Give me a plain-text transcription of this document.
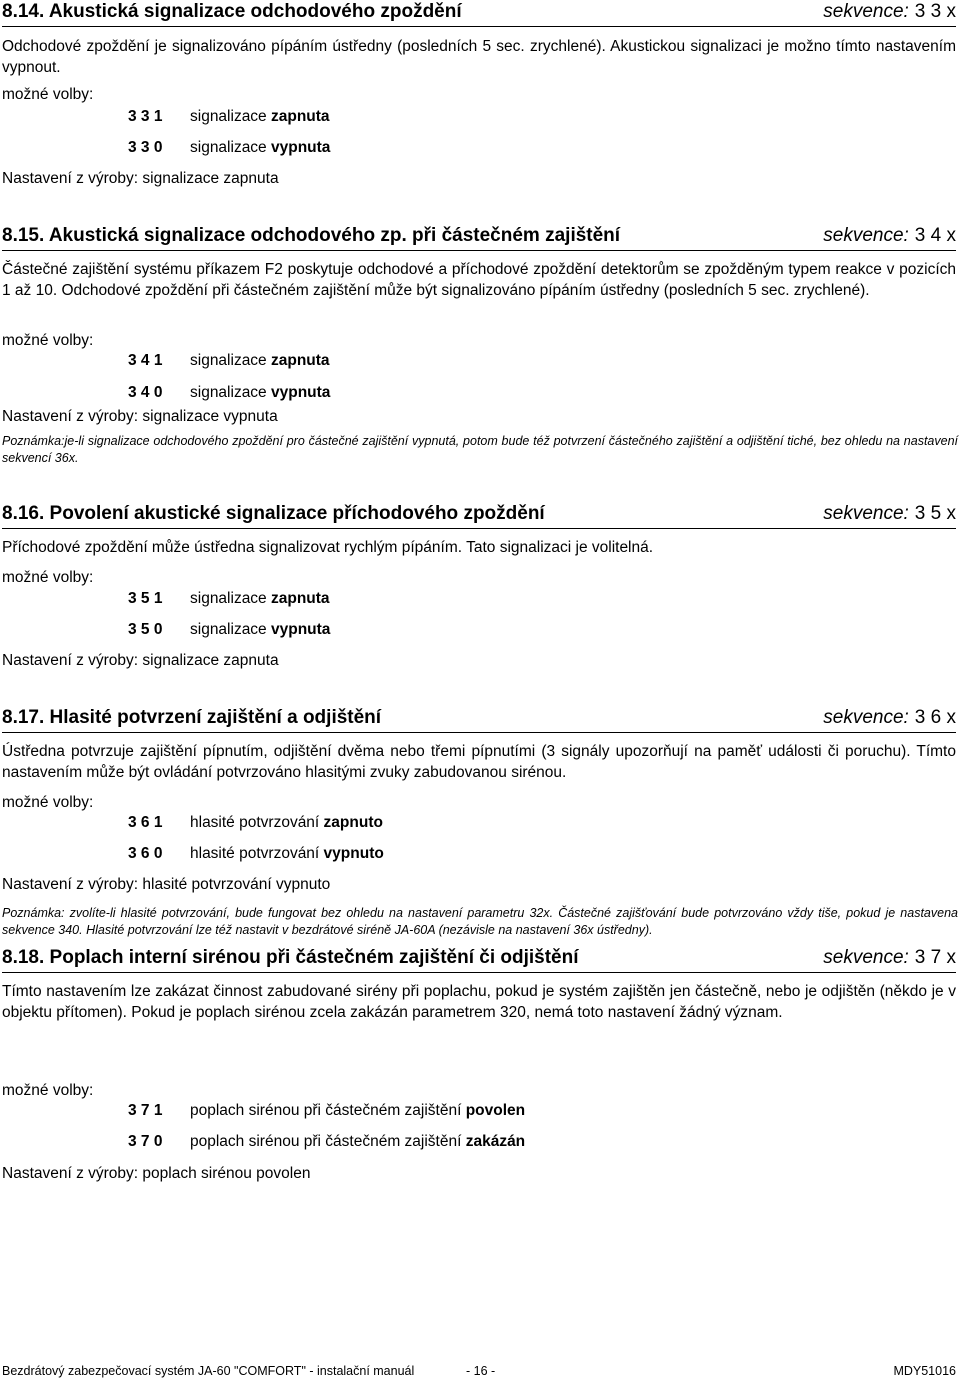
8.14. Akustická signalizace odchodového zpoždění	sekvence: 3 3 x
Odchodové zpoždění je signalizováno pípáním ústředny (posledních 5 sec. zrychlené). Akustickou signalizaci je možno tímto nastavením vypnout.
možné volby:
3 3 1 signalizace zapnuta
3 3 0 signalizace vypnuta
Nastavení z výroby: signalizace zapnuta
8.15. Akustická signalizace odchodového zp. při částečném zajištění	sekvence: 3 4 x
Částečné zajištění systému příkazem F2 poskytuje odchodové a příchodové zpoždění detektorům se zpožděným typem reakce v pozicích 1 až 10. Odchodové zpoždění při částečném zajištění může být signalizováno pípáním ústředny (posledních 5 sec. zrychlené).
možné volby:
3 4 1 signalizace zapnuta
3 4 0 signalizace vypnuta
Nastavení z výroby: signalizace vypnuta
Poznámka:je-li signalizace odchodového zpoždění pro částečné zajištění vypnutá, potom bude též potvrzení částečného zajištění a odjištění tiché, bez ohledu na nastavení sekvencí 36x.
8.16. Povolení akustické signalizace příchodového zpoždění	sekvence: 3 5 x
Příchodové zpoždění může ústředna signalizovat rychlým pípáním. Tato signalizaci je volitelná.
možné volby:
3 5 1 signalizace zapnuta
3 5 0 signalizace vypnuta
Nastavení z výroby: signalizace zapnuta
8.17. Hlasité potvrzení zajištění a odjištění	sekvence: 3 6 x
Ústředna potvrzuje zajištění pípnutím, odjištění dvěma nebo třemi pípnutími (3 signály upozorňují na paměť události či poruchu). Tímto nastavením může být ovládání potvrzováno hlasitými zvuky zabudovanou sirénou.
možné volby:
3 6 1 hlasité potvrzování zapnuto
3 6 0 hlasité potvrzování vypnuto
Nastavení z výroby: hlasité potvrzování vypnuto
Poznámka: zvolíte-li hlasité potvrzování, bude fungovat bez ohledu na nastavení parametru 32x. Částečné zajišťování bude potvrzováno vždy tiše, pokud je nastavena sekvence 340. Hlasité potvrzování lze též nastavit v bezdrátové siréně JA-60A (nezávisle na nastavení 36x ústředny).
8.18. Poplach interní sirénou při částečném zajištění či odjištění	sekvence: 3 7 x
Tímto nastavením lze zakázat činnost zabudované sirény při poplachu, pokud je systém zajištěn jen částečně, nebo je odjištěn (někdo je v objektu přítomen). Pokud je poplach sirénou zcela zakázán parametrem 320, nemá toto nastavení žádný význam.
možné volby:
3 7 1 poplach sirénou při částečném zajištění povolen
3 7 0 poplach sirénou při částečném zajištění zakázán
Nastavení z výroby: poplach sirénou povolen
Bezdrátový zabezpečovací systém JA-60 "COMFORT" - instalační manuál	- 16 -	MDY51016
